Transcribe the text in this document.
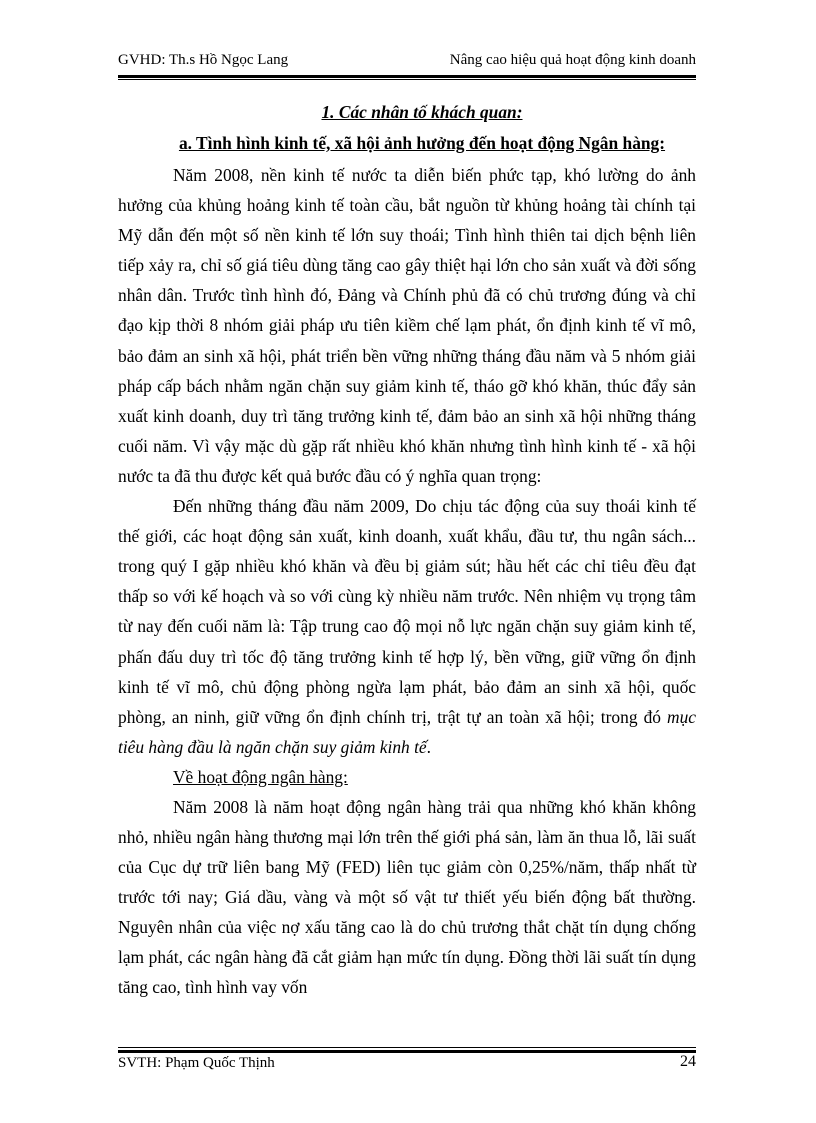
GVHD: Th.s Hồ Ngọc Lang	Nâng cao hiệu quả hoạt động kinh doanh
1. Các nhân tố khách quan:
a. Tình hình kinh tế, xã hội ảnh hưởng đến hoạt động Ngân hàng:

Năm 2008, nền kinh tế nước ta diễn biến phức tạp, khó lường do ảnh hưởng của khủng hoảng kinh tế toàn cầu, bắt nguồn từ khủng hoảng tài chính tại Mỹ dẫn đến một số nền kinh tế lớn suy thoái; Tình hình thiên tai dịch bệnh liên tiếp xảy ra, chỉ số giá tiêu dùng tăng cao gây thiệt hại lớn cho sản xuất và đời sống nhân dân. Trước tình hình đó, Đảng và Chính phủ đã có chủ trương đúng và chỉ đạo kịp thời 8 nhóm giải pháp ưu tiên kiềm chế lạm phát, ổn định kinh tế vĩ mô, bảo đảm an sinh xã hội, phát triển bền vững những tháng đầu năm và 5 nhóm giải pháp cấp bách nhằm ngăn chặn suy giảm kinh tế, tháo gỡ khó khăn, thúc đẩy sản xuất kinh doanh, duy trì tăng trưởng kinh tế, đảm bảo an sinh xã hội những tháng cuối năm. Vì vậy mặc dù gặp rất nhiều khó khăn nhưng tình hình kinh tế - xã hội nước ta đã thu được kết quả bước đầu có ý nghĩa quan trọng:

Đến những tháng đầu năm 2009, Do chịu tác động của suy thoái kinh tế thế giới, các hoạt động sản xuất, kinh doanh, xuất khẩu, đầu tư, thu ngân sách... trong quý I gặp nhiều khó khăn và đều bị giảm sút; hầu hết các chỉ tiêu đều đạt thấp so với kế hoạch và so với cùng kỳ nhiều năm trước. Nên nhiệm vụ trọng tâm từ nay đến cuối năm là: Tập trung cao độ mọi nỗ lực ngăn chặn suy giảm kinh tế, phấn đấu duy trì tốc độ tăng trưởng kinh tế hợp lý, bền vững, giữ vững ổn định kinh tế vĩ mô, chủ động phòng ngừa lạm phát, bảo đảm an sinh xã hội, quốc phòng, an ninh, giữ vững ổn định chính trị, trật tự an toàn xã hội; trong đó mục tiêu hàng đầu là ngăn chặn suy giảm kinh tế.

Về hoạt động ngân hàng:

Năm 2008 là năm hoạt động ngân hàng trải qua những khó khăn không nhỏ, nhiều ngân hàng thương mại lớn trên thế giới phá sản, làm ăn thua lỗ, lãi suất của Cục dự trữ liên bang Mỹ (FED) liên tục giảm còn 0,25%/năm, thấp nhất từ trước tới nay; Giá dầu, vàng và một số vật tư thiết yếu biến động bất thường. Nguyên nhân của việc nợ xấu tăng cao là do chủ trương thắt chặt tín dụng chống lạm phát, các ngân hàng đã cắt giảm hạn mức tín dụng. Đồng thời lãi suất tín dụng tăng cao, tình hình vay vốn

SVTH: Phạm Quốc Thịnh	24
